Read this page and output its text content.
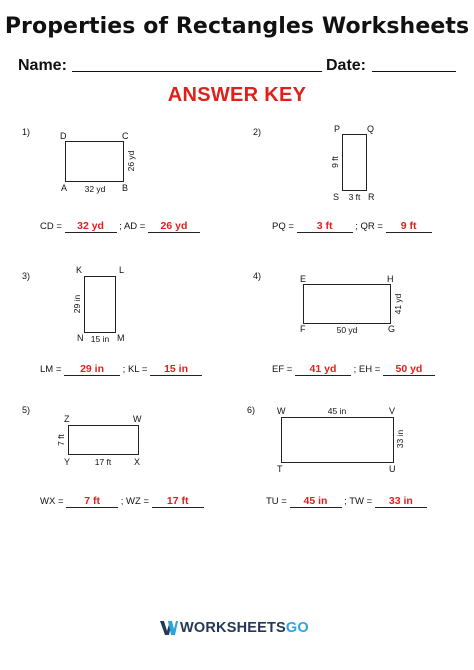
Properties of Rectangles Worksheets
Name:	Date:
ANSWER KEY
1)	D	C
A	B
32 yd
26 yd
CD = 32 yd ; AD = 26 yd
2)	P	Q
S	R
3 ft
9 ft
PQ = 3 ft ; QR = 9 ft
3)
K	L
N	M
15 in
29 in
LM = 29 in ; KL = 15 in
4)	E	H
F	G
50 yd
41 yd
EF = 41 yd ; EH = 50 yd
5)
Z	W
Y	X
17 ft
7 ft
WX = 7 ft ; WZ = 17 ft
6) W	V
T	U
45 in
33 in
TU = 45 in ; TW = 33 in
WORKSHEETSGO
